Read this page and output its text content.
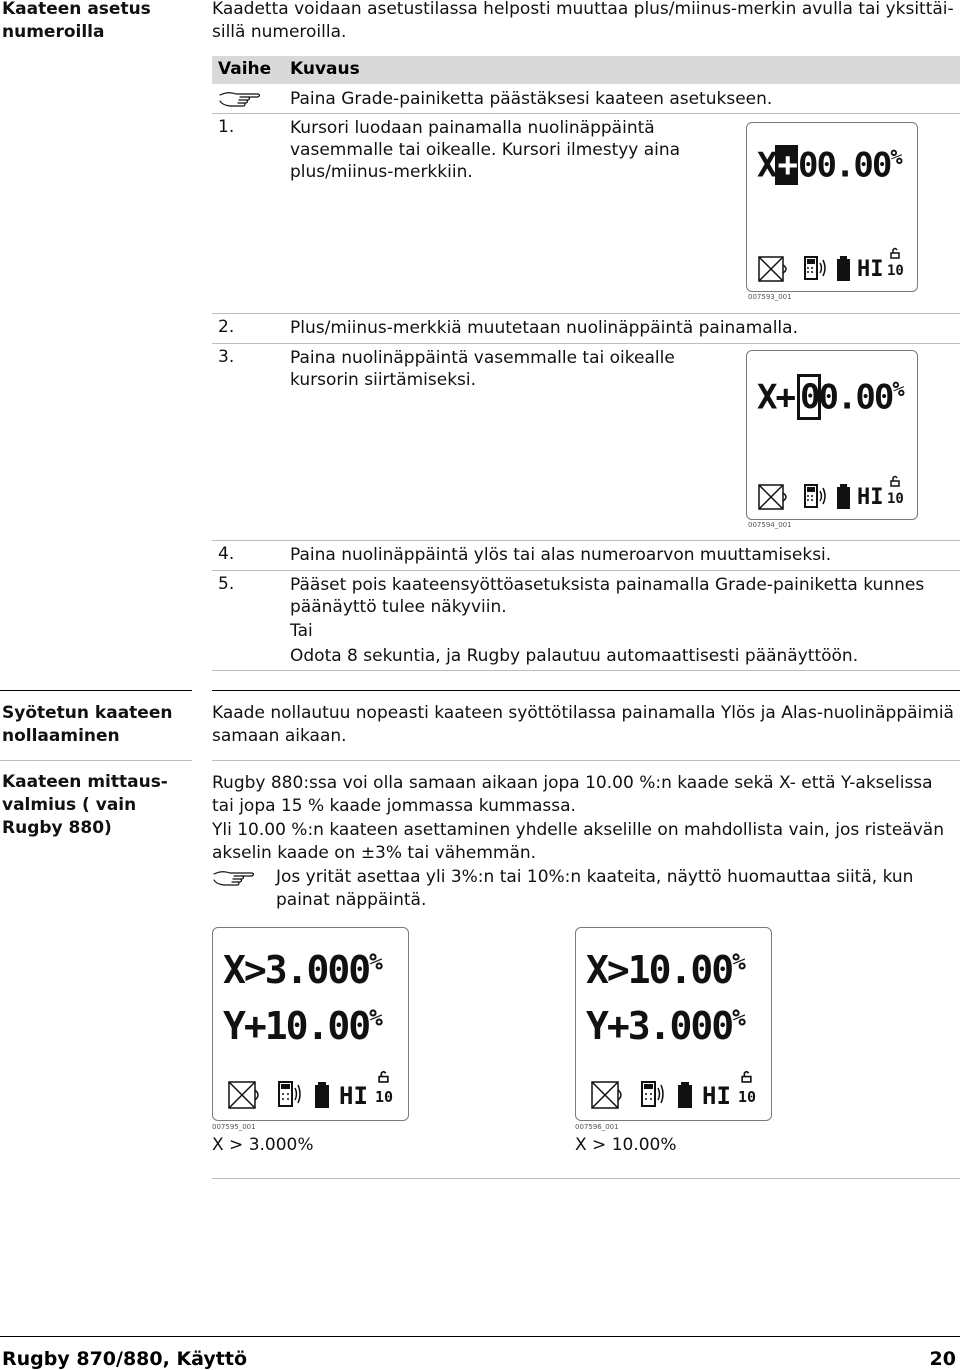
Kaateen asetus numeroilla
Kaadetta voidaan asetustilassa helposti muuttaa plus/miinus-merkin avulla tai yksittäi-sillä numeroilla.
Vaihe Kuvaus
Paina Grade-painiketta päästäksesi kaateen asetukseen.
1.	Kursori luodaan painamalla nuolinäppäintä vasemmalle tai oikealle. Kursori ilmestyy aina plus/miinus-merkkiin.	X+00.00%
HI 10
007593_001
2.	Plus/miinus-merkkiä muutetaan nuolinäppäintä painamalla.
3.	Paina nuolinäppäintä vasemmalle tai oikealle kursorin siirtämiseksi.	X+ 00.00%
HI 10
007594_001
4.	Paina nuolinäppäintä ylös tai alas numeroarvon muuttamiseksi.
5.	Pääset pois kaateensyöttöasetuksista painamalla Grade-painiketta kunnes päänäyttö tulee näkyviin.
Tai
Odota 8 sekuntia, ja Rugby palautuu automaattisesti päänäyttöön.
Syötetun kaateen nollaaminen
Kaade nollautuu nopeasti kaateen syöttötilassa painamalla Ylös ja Alas-nuolinäppäimiä samaan aikaan.
Kaateen mittaus-valmius ( vain Rugby 880)
Rugby 880:ssa voi olla samaan aikaan jopa 10.00 %:n kaade sekä X- että Y-akselissa tai jopa 15 % kaade jommassa kummassa.
Yli 10.00 %:n kaateen asettaminen yhdelle akselille on mahdollista vain, jos risteävän akselin kaade on ±3% tai vähemmän.
Jos yrität asettaa yli 3%:n tai 10%:n kaateita, näyttö huomauttaa siitä, kun painat näppäintä.
X>3.000%
Y+10.00%
HI 10
007595_001
X > 3.000%
X>10.00%
Y+3.000%
HI 10
007596_001
X > 10.00%
Rugby 870/880, Käyttö	20
